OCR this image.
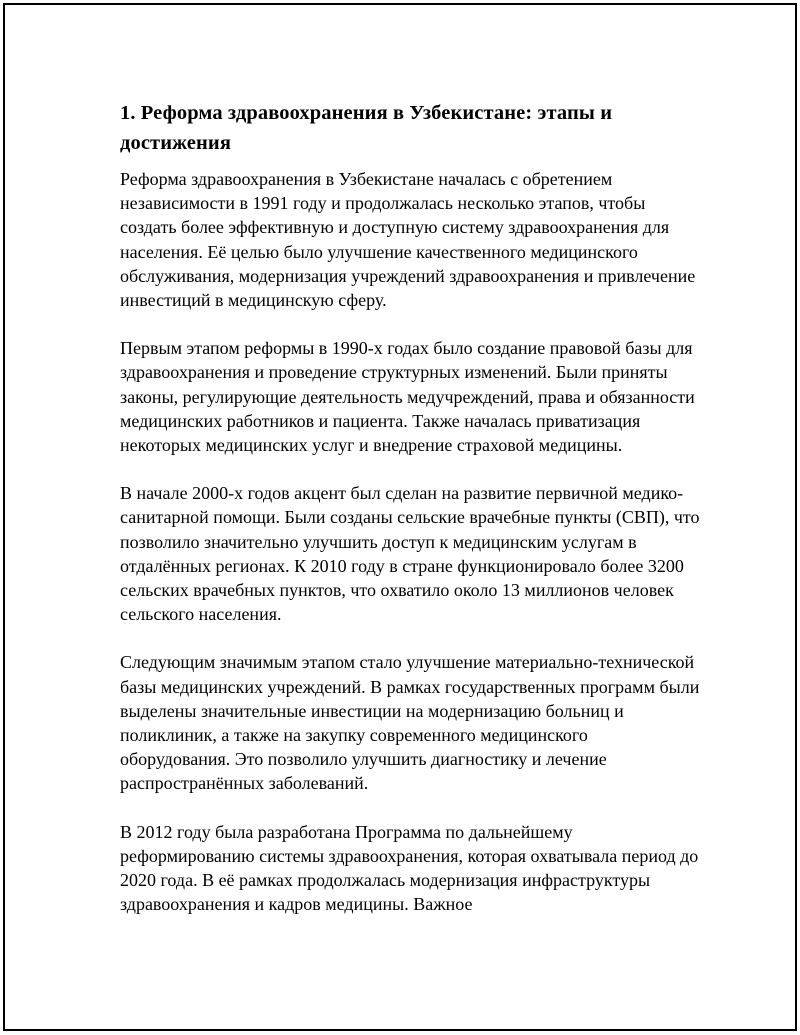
1. Реформа здравоохранения в Узбекистане: этапы и достижения

Реформа здравоохранения в Узбекистане началась с обретением независимости в 1991 году и продолжалась несколько этапов, чтобы создать более эффективную и доступную систему здравоохранения для населения. Её целью было улучшение качественного медицинского обслуживания, модернизация учреждений здравоохранения и привлечение инвестиций в медицинскую сферу.

Первым этапом реформы в 1990-х годах было создание правовой базы для здравоохранения и проведение структурных изменений. Были приняты законы, регулирующие деятельность медучреждений, права и обязанности медицинских работников и пациента. Также началась приватизация некоторых медицинских услуг и внедрение страховой медицины.

В начале 2000-х годов акцент был сделан на развитие первичной медико-санитарной помощи. Были созданы сельские врачебные пункты (СВП), что позволило значительно улучшить доступ к медицинским услугам в отдалённых регионах. К 2010 году в стране функционировало более 3200 сельских врачебных пунктов, что охватило около 13 миллионов человек сельского населения.

Следующим значимым этапом стало улучшение материально-технической базы медицинских учреждений. В рамках государственных программ были выделены значительные инвестиции на модернизацию больниц и поликлиник, а также на закупку современного медицинского оборудования. Это позволило улучшить диагностику и лечение распространённых заболеваний.

В 2012 году была разработана Программа по дальнейшему реформированию системы здравоохранения, которая охватывала период до 2020 года. В её рамках продолжалась модернизация инфраструктуры здравоохранения и кадров медицины. Важное
